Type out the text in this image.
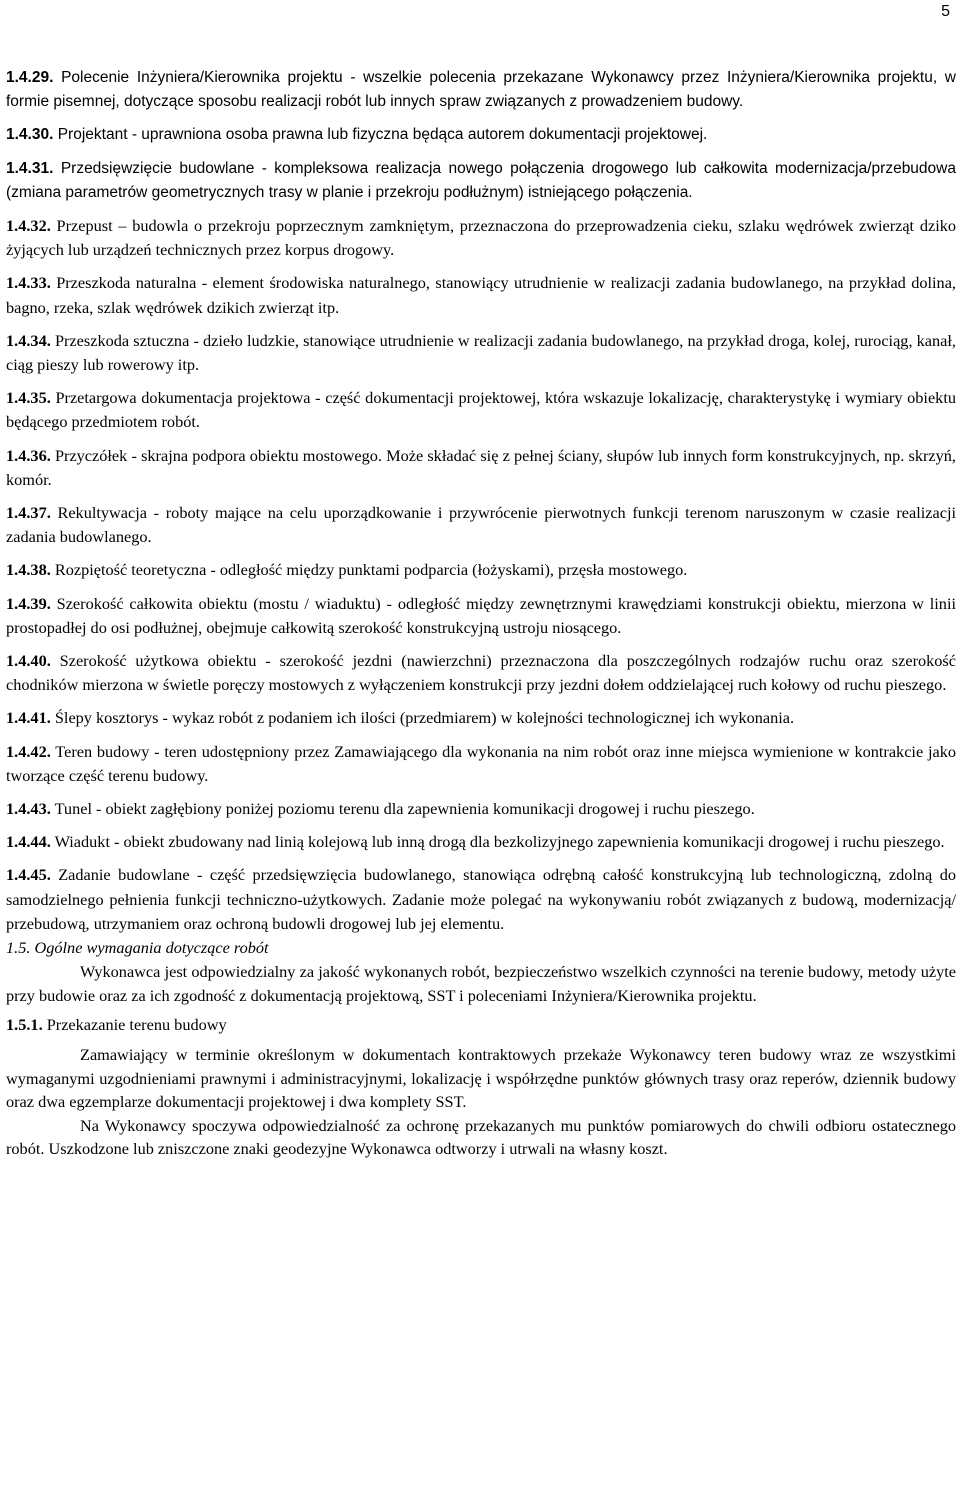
5

1.4.29. Polecenie Inżyniera/Kierownika projektu - wszelkie polecenia przekazane Wykonawcy przez Inżyniera/Kierownika projektu, w formie pisemnej, dotyczące sposobu realizacji robót lub innych spraw związanych z prowadzeniem budowy.

1.4.30. Projektant - uprawniona osoba prawna lub fizyczna będąca autorem dokumentacji projektowej.

1.4.31. Przedsięwzięcie budowlane - kompleksowa realizacja nowego połączenia drogowego lub całkowita modernizacja/przebudowa (zmiana parametrów geometrycznych trasy w planie i przekroju podłużnym) istniejącego połączenia.

1.4.32. Przepust – budowla o przekroju poprzecznym zamkniętym, przeznaczona do przeprowadzenia cieku, szlaku wędrówek zwierząt dziko żyjących lub urządzeń technicznych przez korpus drogowy.

1.4.33. Przeszkoda naturalna - element środowiska naturalnego, stanowiący utrudnienie w realizacji zadania budowlanego, na przykład dolina, bagno, rzeka, szlak wędrówek dzikich zwierząt itp.

1.4.34. Przeszkoda sztuczna - dzieło ludzkie, stanowiące utrudnienie w realizacji zadania budowlanego, na przykład droga, kolej, rurociąg, kanał, ciąg pieszy lub rowerowy itp.

1.4.35. Przetargowa dokumentacja projektowa - część dokumentacji projektowej, która wskazuje lokalizację, charakterystykę i wymiary obiektu będącego przedmiotem robót.

1.4.36. Przyczółek - skrajna podpora obiektu mostowego. Może składać się z pełnej ściany, słupów lub innych form konstrukcyjnych, np. skrzyń, komór.

1.4.37. Rekultywacja - roboty mające na celu uporządkowanie i przywrócenie pierwotnych funkcji terenom naruszonym w czasie realizacji zadania budowlanego.

1.4.38. Rozpiętość teoretyczna - odległość między punktami podparcia (łożyskami), przęsła mostowego.

1.4.39. Szerokość całkowita obiektu (mostu / wiaduktu) - odległość między zewnętrznymi krawędziami konstrukcji obiektu, mierzona w linii prostopadłej do osi podłużnej, obejmuje całkowitą szerokość konstrukcyjną ustroju niosącego.

1.4.40. Szerokość użytkowa obiektu - szerokość jezdni (nawierzchni) przeznaczona dla poszczególnych rodzajów ruchu oraz szerokość chodników mierzona w świetle poręczy mostowych z wyłączeniem konstrukcji przy jezdni dołem oddzielającej ruch kołowy od ruchu pieszego.

1.4.41. Ślepy kosztorys - wykaz robót z podaniem ich ilości (przedmiarem) w kolejności technologicznej ich wykonania.

1.4.42. Teren budowy - teren udostępniony przez Zamawiającego dla wykonania na nim robót oraz inne miejsca wymienione w kontrakcie jako tworzące część terenu budowy.

1.4.43. Tunel - obiekt zagłębiony poniżej poziomu terenu dla zapewnienia komunikacji drogowej i ruchu pieszego.

1.4.44. Wiadukt - obiekt zbudowany nad linią kolejową lub inną drogą dla bezkolizyjnego zapewnienia komunikacji drogowej i ruchu pieszego.

1.4.45. Zadanie budowlane - część przedsięwzięcia budowlanego, stanowiąca odrębną całość konstrukcyjną lub technologiczną, zdolną do samodzielnego pełnienia funkcji techniczno-użytkowych. Zadanie może polegać na wykonywaniu robót związanych z budową, modernizacją/ przebudową, utrzymaniem oraz ochroną budowli drogowej lub jej elementu.

1.5. Ogólne wymagania dotyczące robót

Wykonawca jest odpowiedzialny za jakość wykonanych robót, bezpieczeństwo wszelkich czynności na terenie budowy, metody użyte przy budowie oraz za ich zgodność z dokumentacją projektową, SST i poleceniami Inżyniera/Kierownika projektu.

1.5.1. Przekazanie terenu budowy

Zamawiający w terminie określonym w dokumentach kontraktowych przekaże Wykonawcy teren budowy wraz ze wszystkimi wymaganymi uzgodnieniami prawnymi i administracyjnymi, lokalizację i współrzędne punktów głównych trasy oraz reperów, dziennik budowy oraz dwa egzemplarze dokumentacji projektowej i dwa komplety SST.

Na Wykonawcy spoczywa odpowiedzialność za ochronę przekazanych mu punktów pomiarowych do chwili odbioru ostatecznego robót. Uszkodzone lub zniszczone znaki geodezyjne Wykonawca odtworzy i utrwali na własny koszt.
